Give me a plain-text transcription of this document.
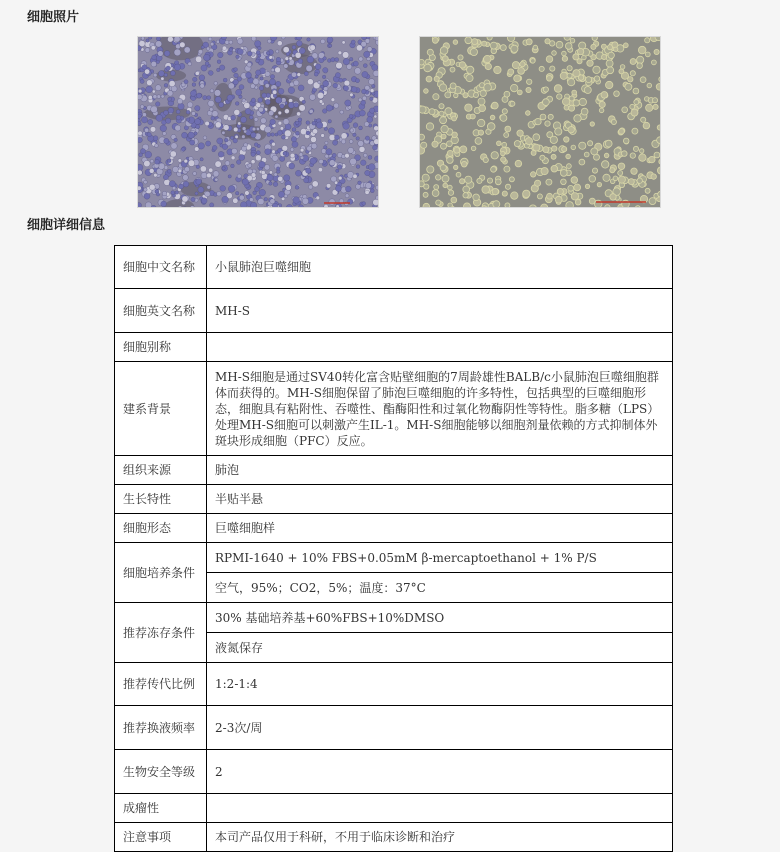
细胞照片
细胞详细信息
细胞中文名称	小鼠肺泡巨噬细胞
细胞英文名称	MH-S
细胞别称	
建系背景	MH-S细胞是通过SV40转化富含贴壁细胞的7周龄雄性BALB/c小鼠肺泡巨噬细胞群体而获得的。MH-S细胞保留了肺泡巨噬细胞的许多特性，包括典型的巨噬细胞形态，细胞具有粘附性、吞噬性、酯酶阳性和过氧化物酶阴性等特性。脂多糖（LPS）处理MH-S细胞可以刺激产生IL-1。MH-S细胞能够以细胞剂量依赖的方式抑制体外斑块形成细胞（PFC）反应。
组织来源	肺泡
生长特性	半贴半悬
细胞形态	巨噬细胞样
细胞培养条件	RPMI-1640 + 10% FBS+0.05mM β-mercaptoethanol + 1% P/S
	空气，95%；CO2，5%；温度：37°C
推荐冻存条件	30% 基础培养基+60%FBS+10%DMSO
	液氮保存
推荐传代比例	1:2-1:4
推荐换液频率	2-3次/周
生物安全等级	2
成瘤性	
注意事项	本司产品仅用于科研，不用于临床诊断和治疗
